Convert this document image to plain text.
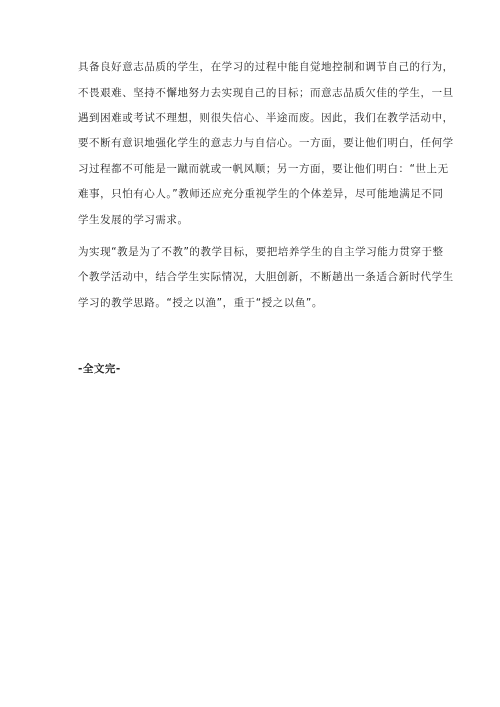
具备良好意志品质的学生，在学习的过程中能自觉地控制和调节自己的行为，
不畏艰难、坚持不懈地努力去实现自己的目标；而意志品质欠佳的学生，一旦
遇到困难或考试不理想，则很失信心、半途而废。因此，我们在教学活动中，
要不断有意识地强化学生的意志力与自信心。一方面，要让他们明白，任何学
习过程都不可能是一蹴而就或一帆风顺；另一方面，要让他们明白：“世上无
难事，只怕有心人。”教师还应充分重视学生的个体差异，尽可能地满足不同
学生发展的学习需求。
为实现“教是为了不教”的教学目标，要把培养学生的自主学习能力贯穿于整
个教学活动中，结合学生实际情况，大胆创新，不断趟出一条适合新时代学生
学习的教学思路。“授之以渔”，重于“授之以鱼”。
-全文完-
